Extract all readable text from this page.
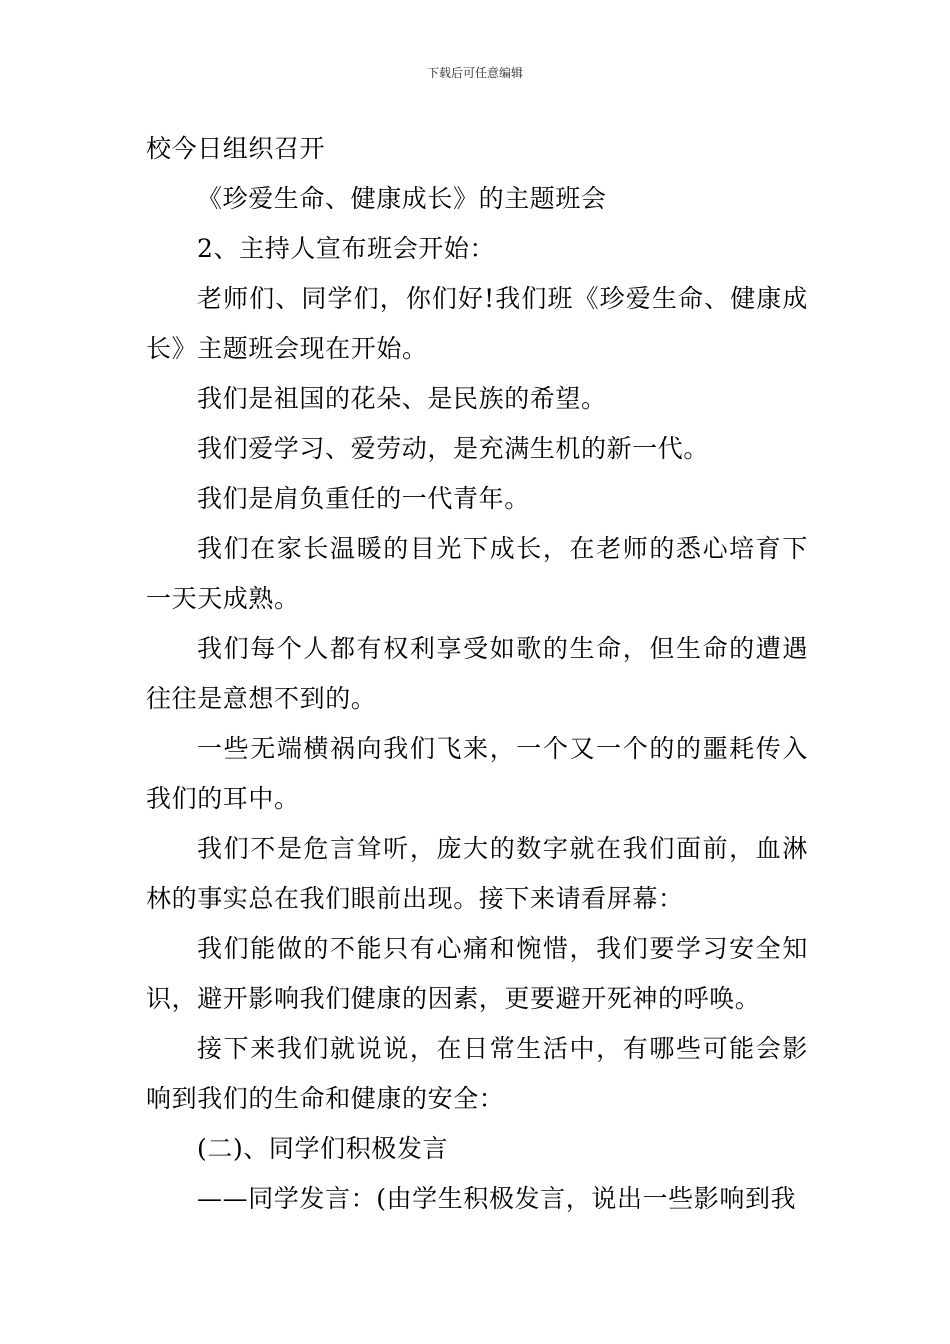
下载后可任意编辑

校今日组织召开

《珍爱生命、健康成长》的主题班会

2、主持人宣布班会开始：

老师们、同学们，你们好!我们班《珍爱生命、健康成长》主题班会现在开始。

我们是祖国的花朵、是民族的希望。

我们爱学习、爱劳动，是充满生机的新一代。

我们是肩负重任的一代青年。

我们在家长温暖的目光下成长，在老师的悉心培育下一天天成熟。

我们每个人都有权利享受如歌的生命，但生命的遭遇往往是意想不到的。

一些无端横祸向我们飞来，一个又一个的的噩耗传入我们的耳中。

我们不是危言耸听，庞大的数字就在我们面前，血淋林的事实总在我们眼前出现。接下来请看屏幕：

我们能做的不能只有心痛和惋惜，我们要学习安全知识，避开影响我们健康的因素，更要避开死神的呼唤。

接下来我们就说说，在日常生活中，有哪些可能会影响到我们的生命和健康的安全：

(二)、同学们积极发言

——同学发言：(由学生积极发言，说出一些影响到我
